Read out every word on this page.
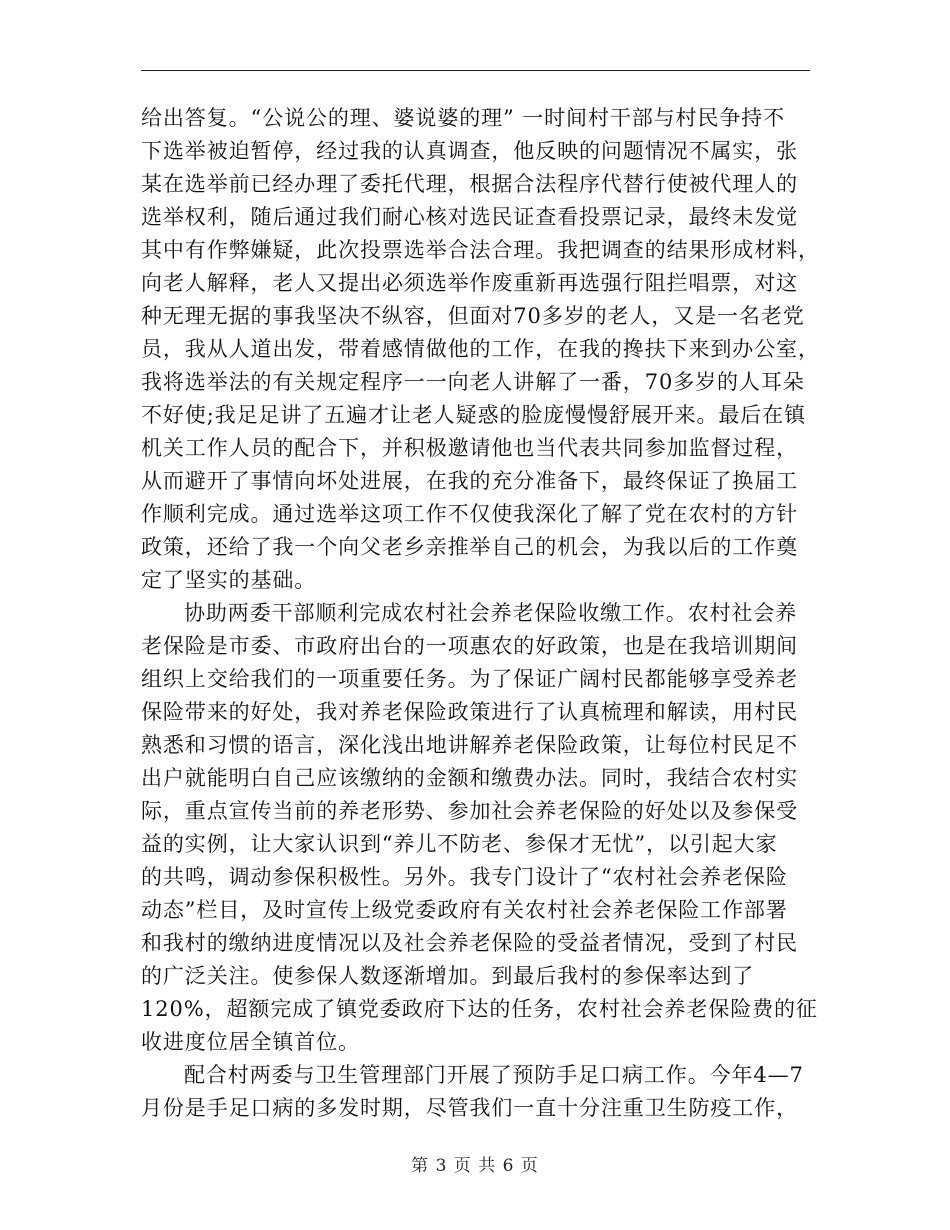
给出答复。“公说公的理、婆说婆的理” 一时间村干部与村民争持不
下选举被迫暂停，经过我的认真调查，他反映的问题情况不属实，张
某在选举前已经办理了委托代理，根据合法程序代替行使被代理人的
选举权利，随后通过我们耐心核对选民证查看投票记录，最终未发觉
其中有作弊嫌疑，此次投票选举合法合理。我把调查的结果形成材料，
向老人解释，老人又提出必须选举作废重新再选强行阻拦唱票，对这
种无理无据的事我坚决不纵容，但面对70多岁的老人，又是一名老党
员，我从人道出发，带着感情做他的工作，在我的搀扶下来到办公室，
我将选举法的有关规定程序一一向老人讲解了一番，70多岁的人耳朵
不好使;我足足讲了五遍才让老人疑惑的脸庞慢慢舒展开来。最后在镇
机关工作人员的配合下，并积极邀请他也当代表共同参加监督过程，
从而避开了事情向坏处进展，在我的充分准备下，最终保证了换届工
作顺利完成。通过选举这项工作不仅使我深化了解了党在农村的方针
政策，还给了我一个向父老乡亲推举自己的机会，为我以后的工作奠
定了坚实的基础。
协助两委干部顺利完成农村社会养老保险收缴工作。农村社会养
老保险是市委、市政府出台的一项惠农的好政策，也是在我培训期间
组织上交给我们的一项重要任务。为了保证广阔村民都能够享受养老
保险带来的好处，我对养老保险政策进行了认真梳理和解读，用村民
熟悉和习惯的语言，深化浅出地讲解养老保险政策，让每位村民足不
出户就能明白自己应该缴纳的金额和缴费办法。同时，我结合农村实
际，重点宣传当前的养老形势、参加社会养老保险的好处以及参保受
益的实例，让大家认识到“养儿不防老、参保才无忧”，以引起大家
的共鸣，调动参保积极性。另外。我专门设计了“农村社会养老保险
动态”栏目，及时宣传上级党委政府有关农村社会养老保险工作部署
和我村的缴纳进度情况以及社会养老保险的受益者情况，受到了村民
的广泛关注。使参保人数逐渐增加。到最后我村的参保率达到了
120%，超额完成了镇党委政府下达的任务，农村社会养老保险费的征
收进度位居全镇首位。
配合村两委与卫生管理部门开展了预防手足口病工作。今年4—7
月份是手足口病的多发时期，尽管我们一直十分注重卫生防疫工作，
第 3 页 共 6 页
